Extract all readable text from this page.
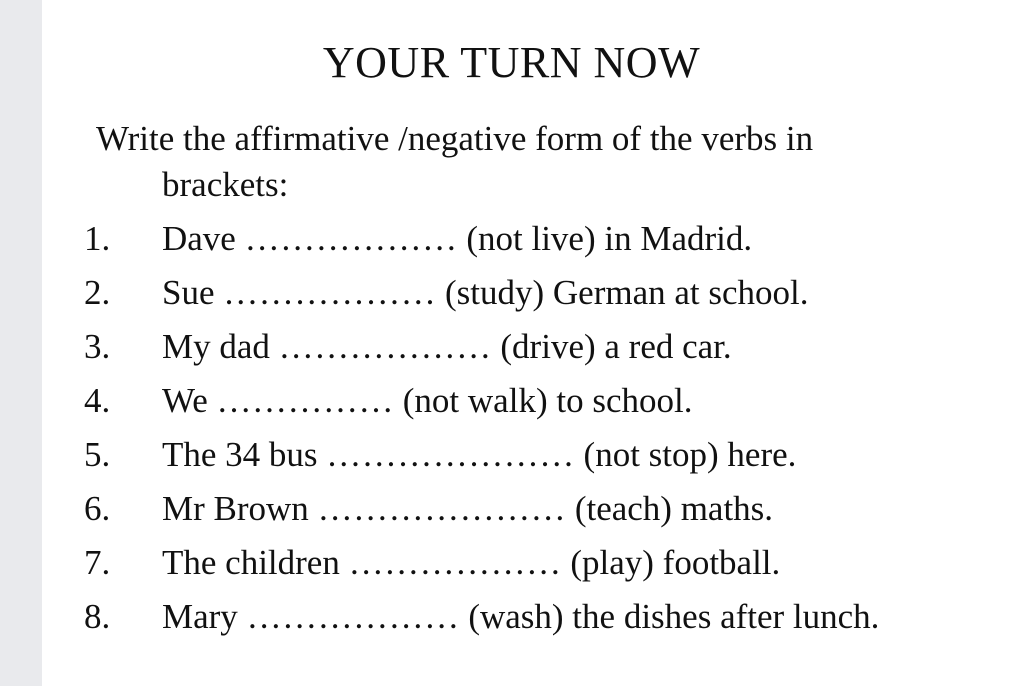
YOUR TURN NOW
Write the affirmative /negative form of the verbs in
brackets:
1. Dave ……………… (not live) in Madrid.
2. Sue ……………… (study) German at school.
3. My dad ……………… (drive) a red car.
4. We …………… (not walk) to school.
5. The 34 bus ………………… (not stop) here.
6. Mr Brown ………………… (teach) maths.
7. The children ……………… (play) football.
8. Mary ……………… (wash) the dishes after lunch.
